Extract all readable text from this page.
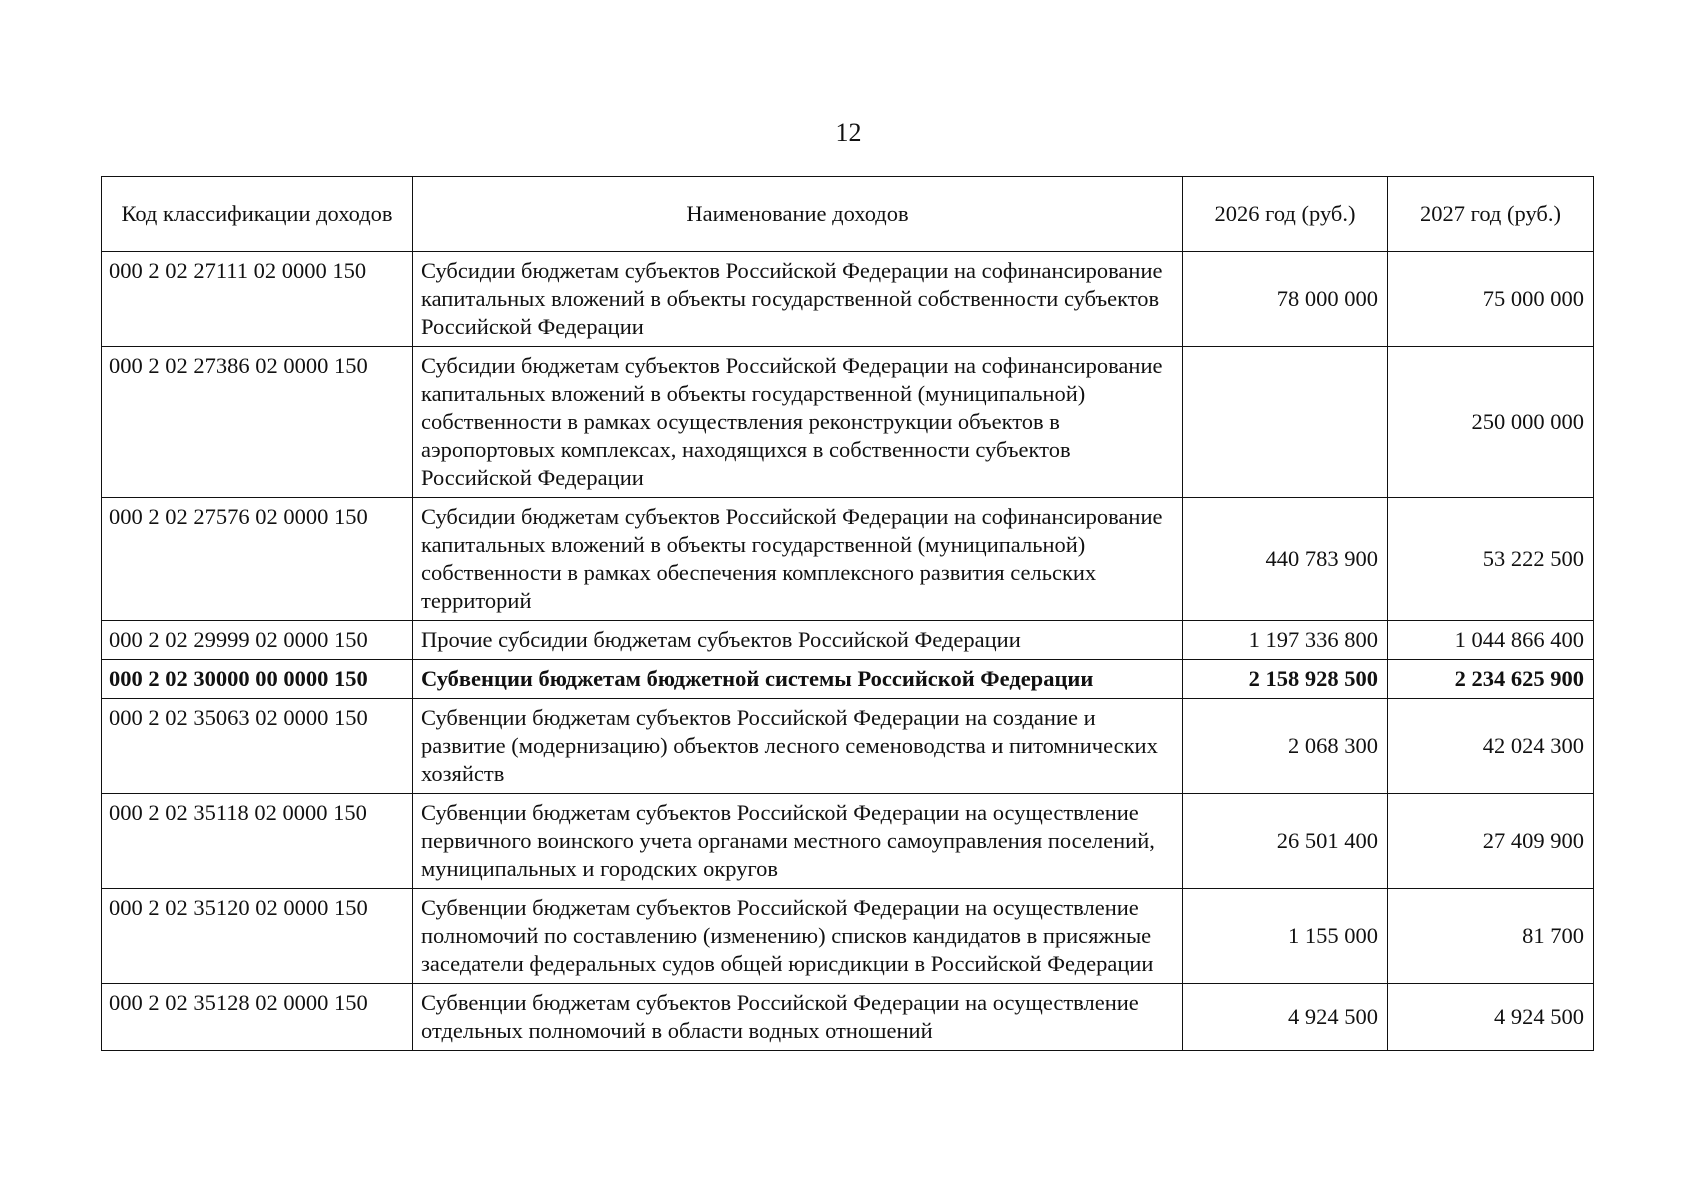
12
Код классификации доходов	Наименование доходов	2026 год (руб.)	2027 год (руб.)
000 2 02 27111 02 0000 150	Субсидии бюджетам субъектов Российской Федерации на софинансирование капитальных вложений в объекты государственной собственности субъектов Российской Федерации	78 000 000	75 000 000
000 2 02 27386 02 0000 150	Субсидии бюджетам субъектов Российской Федерации на софинансирование капитальных вложений в объекты государственной (муниципальной) собственности в рамках осуществления реконструкции объектов в аэропортовых комплексах, находящихся в собственности субъектов Российской Федерации		250 000 000
000 2 02 27576 02 0000 150	Субсидии бюджетам субъектов Российской Федерации на софинансирование капитальных вложений в объекты государственной (муниципальной) собственности в рамках обеспечения комплексного развития сельских территорий	440 783 900	53 222 500
000 2 02 29999 02 0000 150	Прочие субсидии бюджетам субъектов Российской Федерации	1 197 336 800	1 044 866 400
000 2 02 30000 00 0000 150	Субвенции бюджетам бюджетной системы Российской Федерации	2 158 928 500	2 234 625 900
000 2 02 35063 02 0000 150	Субвенции бюджетам субъектов Российской Федерации на создание и развитие (модернизацию) объектов лесного семеноводства и питомнических хозяйств	2 068 300	42 024 300
000 2 02 35118 02 0000 150	Субвенции бюджетам субъектов Российской Федерации на осуществление первичного воинского учета органами местного самоуправления поселений, муниципальных и городских округов	26 501 400	27 409 900
000 2 02 35120 02 0000 150	Субвенции бюджетам субъектов Российской Федерации на осуществление полномочий по составлению (изменению) списков кандидатов в присяжные заседатели федеральных судов общей юрисдикции в Российской Федерации	1 155 000	81 700
000 2 02 35128 02 0000 150	Субвенции бюджетам субъектов Российской Федерации на осуществление отдельных полномочий в области водных отношений	4 924 500	4 924 500
